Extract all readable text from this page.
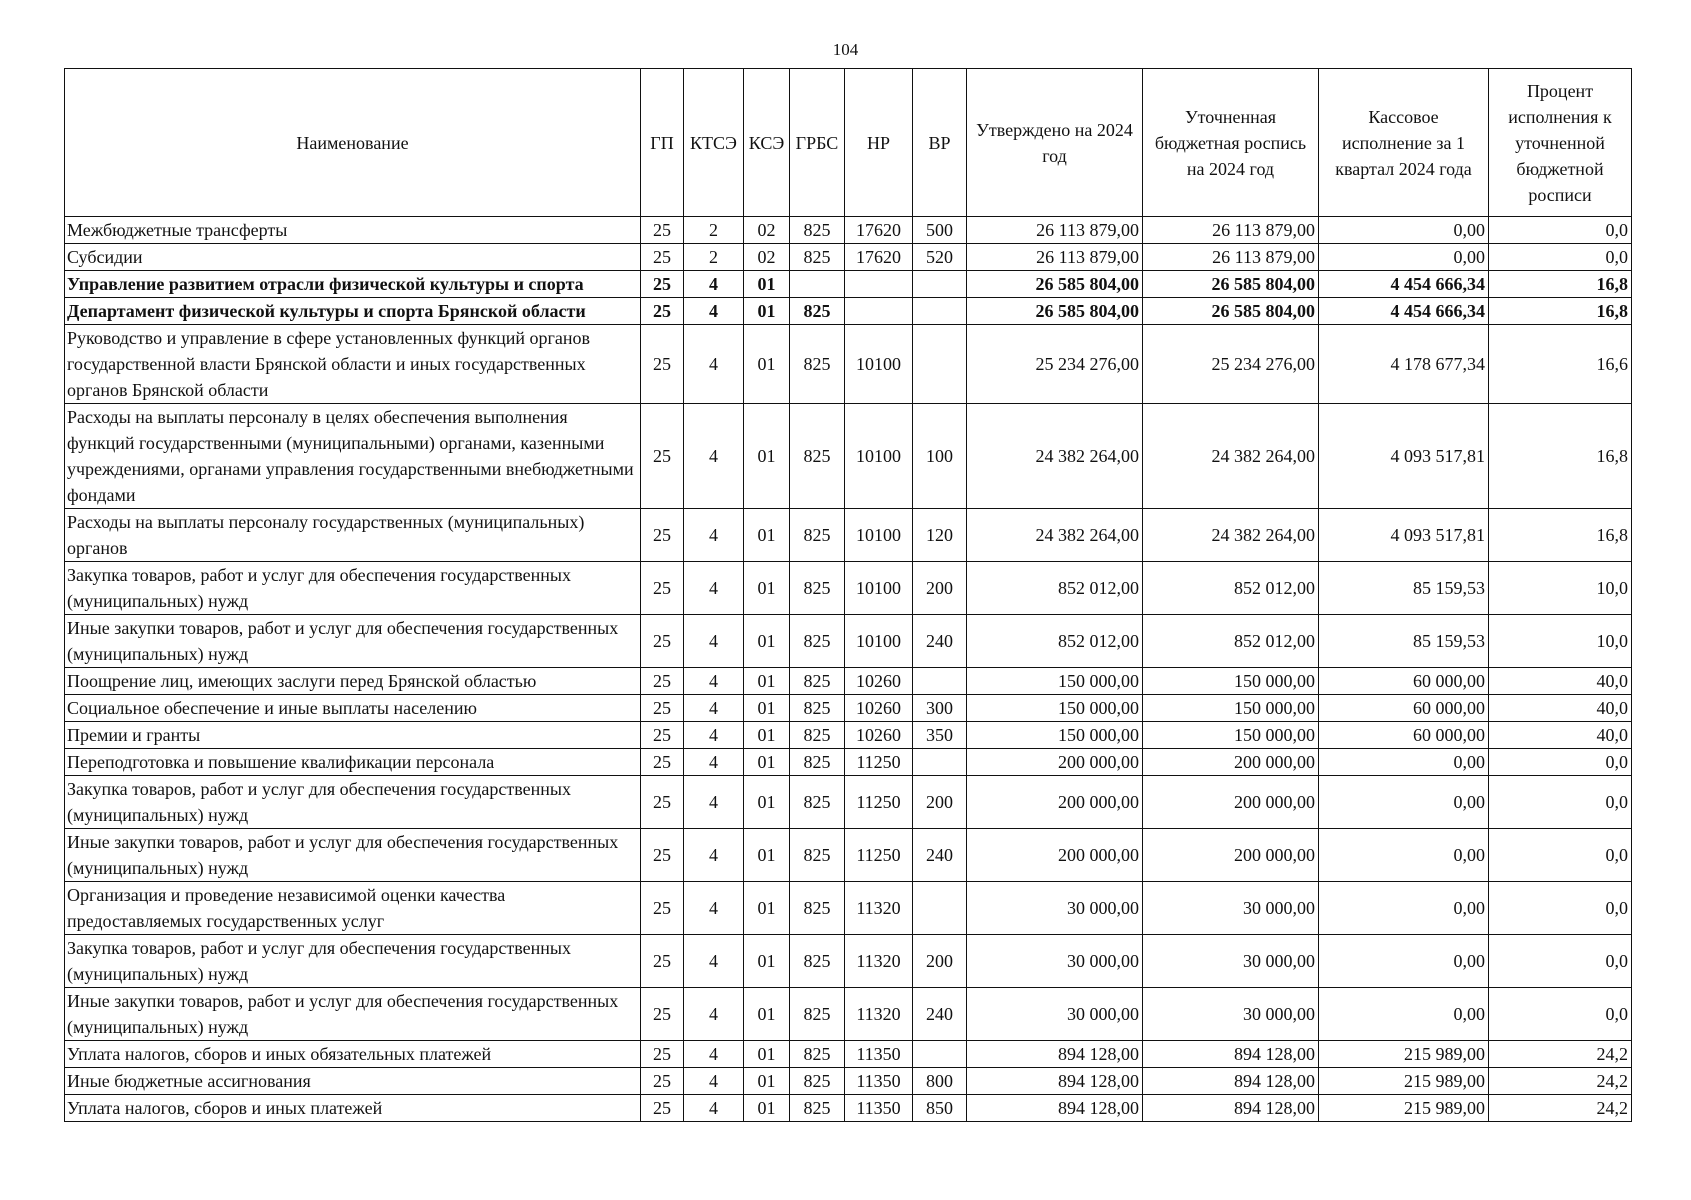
104
Наименование	ГП	КТСЭ	КСЭ	ГРБС	НР	ВР	Утверждено на 2024 год	Уточненная бюджетная роспись на 2024 год	Кассовое исполнение за 1 квартал 2024 года	Процент исполнения к уточненной бюджетной росписи
Межбюджетные трансферты	25	2	02	825	17620	500	26 113 879,00	26 113 879,00	0,00	0,0
Субсидии	25	2	02	825	17620	520	26 113 879,00	26 113 879,00	0,00	0,0
Управление развитием отрасли физической культуры и спорта	25	4	01				26 585 804,00	26 585 804,00	4 454 666,34	16,8
Департамент физической культуры и спорта Брянской области	25	4	01	825			26 585 804,00	26 585 804,00	4 454 666,34	16,8
Руководство и управление в сфере установленных функций органов государственной власти Брянской области и иных государственных органов Брянской области	25	4	01	825	10100		25 234 276,00	25 234 276,00	4 178 677,34	16,6
Расходы на выплаты персоналу в целях обеспечения выполнения функций государственными (муниципальными) органами, казенными учреждениями, органами управления государственными внебюджетными фондами	25	4	01	825	10100	100	24 382 264,00	24 382 264,00	4 093 517,81	16,8
Расходы на выплаты персоналу государственных (муниципальных) органов	25	4	01	825	10100	120	24 382 264,00	24 382 264,00	4 093 517,81	16,8
Закупка товаров, работ и услуг для обеспечения государственных (муниципальных) нужд	25	4	01	825	10100	200	852 012,00	852 012,00	85 159,53	10,0
Иные закупки товаров, работ и услуг для обеспечения государственных (муниципальных) нужд	25	4	01	825	10100	240	852 012,00	852 012,00	85 159,53	10,0
Поощрение лиц, имеющих заслуги перед Брянской областью	25	4	01	825	10260		150 000,00	150 000,00	60 000,00	40,0
Социальное обеспечение и иные выплаты населению	25	4	01	825	10260	300	150 000,00	150 000,00	60 000,00	40,0
Премии и гранты	25	4	01	825	10260	350	150 000,00	150 000,00	60 000,00	40,0
Переподготовка и повышение квалификации персонала	25	4	01	825	11250		200 000,00	200 000,00	0,00	0,0
Закупка товаров, работ и услуг для обеспечения государственных (муниципальных) нужд	25	4	01	825	11250	200	200 000,00	200 000,00	0,00	0,0
Иные закупки товаров, работ и услуг для обеспечения государственных (муниципальных) нужд	25	4	01	825	11250	240	200 000,00	200 000,00	0,00	0,0
Организация и проведение независимой оценки качества предоставляемых государственных услуг	25	4	01	825	11320		30 000,00	30 000,00	0,00	0,0
Закупка товаров, работ и услуг для обеспечения государственных (муниципальных) нужд	25	4	01	825	11320	200	30 000,00	30 000,00	0,00	0,0
Иные закупки товаров, работ и услуг для обеспечения государственных (муниципальных) нужд	25	4	01	825	11320	240	30 000,00	30 000,00	0,00	0,0
Уплата налогов, сборов и иных обязательных платежей	25	4	01	825	11350		894 128,00	894 128,00	215 989,00	24,2
Иные бюджетные ассигнования	25	4	01	825	11350	800	894 128,00	894 128,00	215 989,00	24,2
Уплата налогов, сборов и иных платежей	25	4	01	825	11350	850	894 128,00	894 128,00	215 989,00	24,2
